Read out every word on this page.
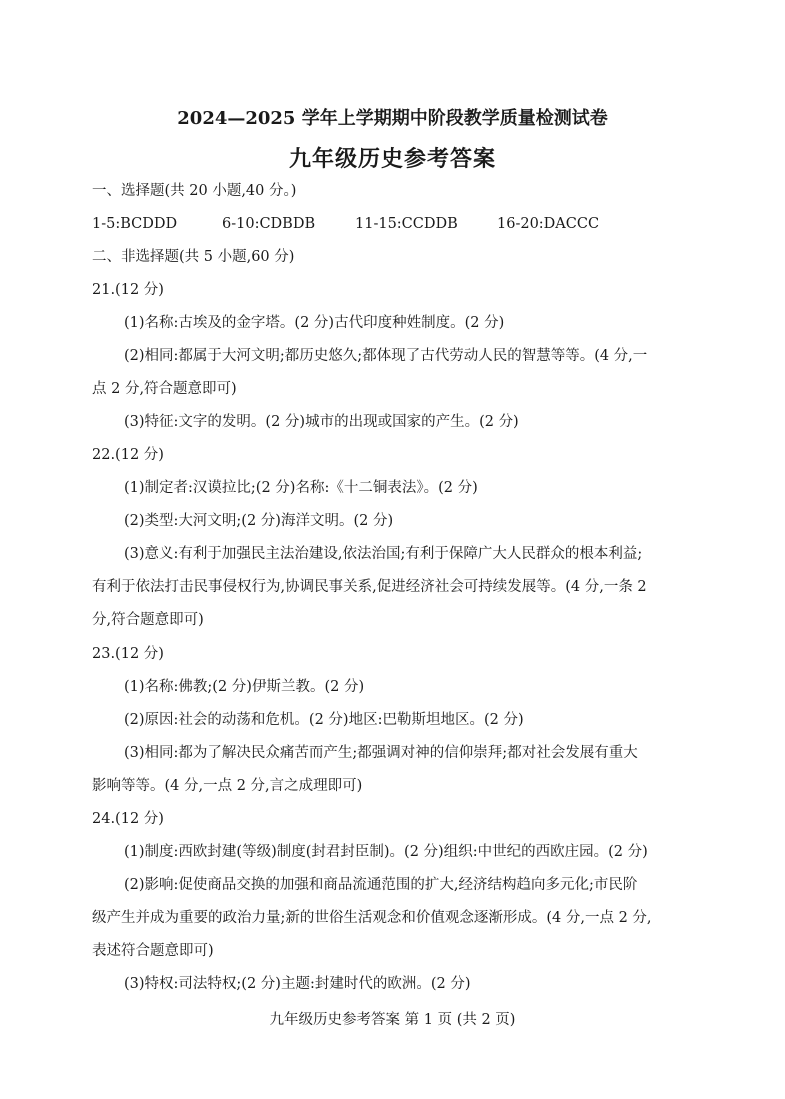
2024—2025 学年上学期期中阶段教学质量检测试卷
九年级历史参考答案
一、选择题(共 20 小题,40 分。)
1-5:BCDDD	6-10:CDBDB	11-15:CCDDB	16-20:DACCC
二、非选择题(共 5 小题,60 分)
21.(12 分)
(1)名称:古埃及的金字塔。(2 分)古代印度种姓制度。(2 分)
(2)相同:都属于大河文明;都历史悠久;都体现了古代劳动人民的智慧等等。(4 分,一
点 2 分,符合题意即可)
(3)特征:文字的发明。(2 分)城市的出现或国家的产生。(2 分)
22.(12 分)
(1)制定者:汉谟拉比;(2 分)名称:《十二铜表法》。(2 分)
(2)类型:大河文明;(2 分)海洋文明。(2 分)
(3)意义:有利于加强民主法治建设,依法治国;有利于保障广大人民群众的根本利益;
有利于依法打击民事侵权行为,协调民事关系,促进经济社会可持续发展等。(4 分,一条 2
分,符合题意即可)
23.(12 分)
(1)名称:佛教;(2 分)伊斯兰教。(2 分)
(2)原因:社会的动荡和危机。(2 分)地区:巴勒斯坦地区。(2 分)
(3)相同:都为了解决民众痛苦而产生;都强调对神的信仰崇拜;都对社会发展有重大
影响等等。(4 分,一点 2 分,言之成理即可)
24.(12 分)
(1)制度:西欧封建(等级)制度(封君封臣制)。(2 分)组织:中世纪的西欧庄园。(2 分)
(2)影响:促使商品交换的加强和商品流通范围的扩大,经济结构趋向多元化;市民阶
级产生并成为重要的政治力量;新的世俗生活观念和价值观念逐渐形成。(4 分,一点 2 分,
表述符合题意即可)
(3)特权:司法特权;(2 分)主题:封建时代的欧洲。(2 分)
九年级历史参考答案 第 1 页 (共 2 页)
